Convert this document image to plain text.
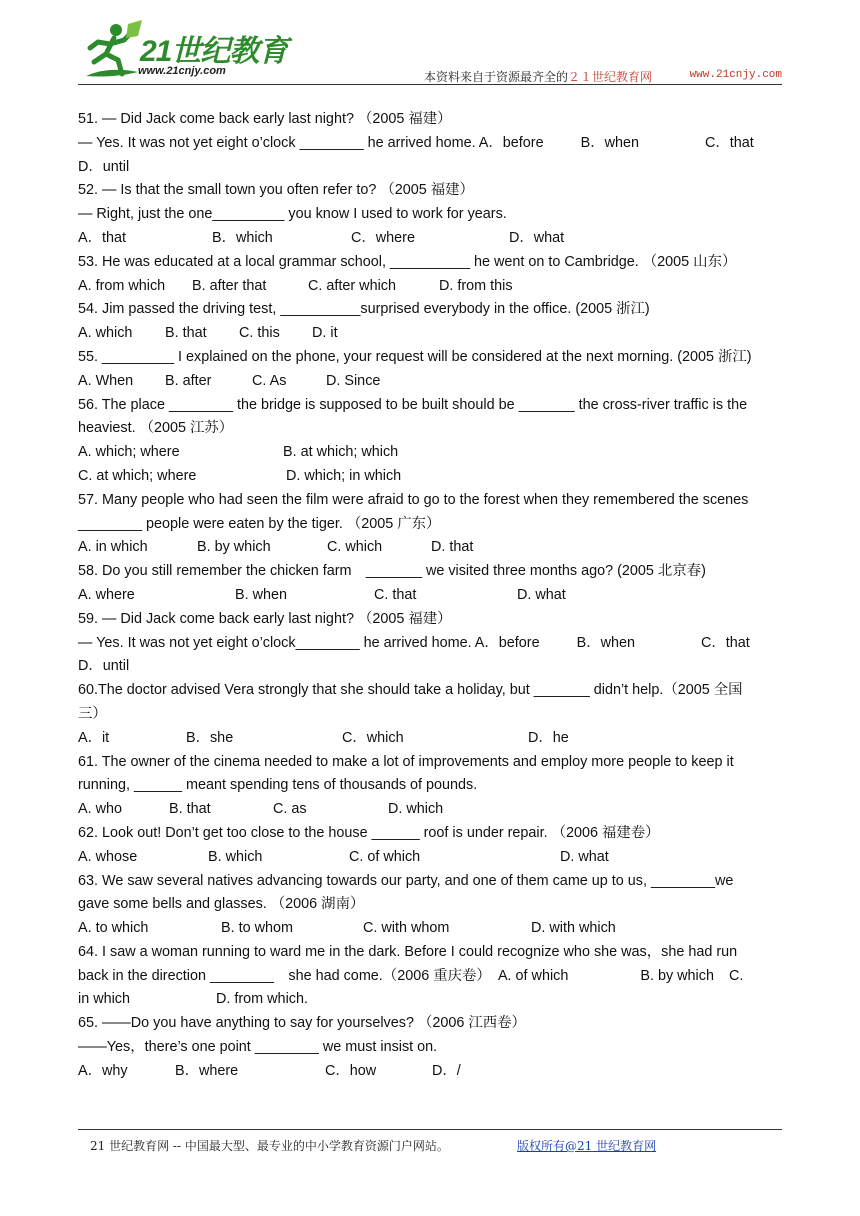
21世纪教育
www.21cnjy.com	本资料来自于资源最齐全的２１世纪教育网	www.21cnjy.com
51. — Did Jack come back early last night? （2005 福建）
— Yes. It was not yet eight o’clock ________ he arrived home. A．before	B．when	C．that
D．until
52. — Is that the small town you often refer to? （2005 福建）
— Right, just the one_________ you know I used to work for years.
A．that	B．which	C．where	D．what
53. He was educated at a local grammar school, __________ he went on to Cambridge. （2005 山东）
A. from which B. after that	C. after which	D. from this
54. Jim passed the driving test, __________surprised everybody in the office. (2005 浙江)
A. which B. that C. this D. it
55. _________ I explained on the phone, your request will be considered at the next morning. (2005 浙江)
A. When B. after	C. As	D. Since
56. The place ________ the bridge is supposed to be built should be _______ the cross-river traffic is the
heaviest. （2005 江苏）
A. which; where	B. at which; which
C. at which; where	D. which; in which
57. Many people who had seen the film were afraid to go to the forest when they remembered the scenes
________ people were eaten by the tiger. （2005 广东）
A. in which	B. by which	C. which	D. that
58. Do you still remember the chicken farm　_______ we visited three months ago? (2005 北京春)
A. where	B. when	C. that	D. what
59. — Did Jack come back early last night? （2005 福建）
— Yes. It was not yet eight o’clock________ he arrived home. A．before	B．when	C．that
D．until
60.The doctor advised Vera strongly that she should take a holiday, but _______ didn’t help.（2005 全国
三）
A．it	B．she	C．which	D．he
61. The owner of the cinema needed to make a lot of improvements and employ more people to keep it
running, ______ meant spending tens of thousands of pounds.
A. who	B. that	C. as	D. which
62. Look out! Don’t get too close to the house ______ roof is under repair. （2006 福建卷）
A. whose	B. which	C. of which	D. what
63. We saw several natives advancing towards our party, and one of them came up to us, ________we
gave some bells and glasses. （2006 湖南）
A. to which	B. to whom	C. with whom	D. with which
64. I saw a woman running to ward me in the dark. Before I could recognize who she was，she had run
back in the direction ________　she had come.（2006 重庆卷）　A. of which	B. by which C.
in which	D. from which.
65. ——Do you have anything to say for yourselves? （2006 江西卷）
——Yes，there’s one point ________ we must insist on.
A．why	B．where	C．how	D．/
21 世纪教育网 -- 中国最大型、最专业的中小学教育资源门户网站。	版权所有@21 世纪教育网
